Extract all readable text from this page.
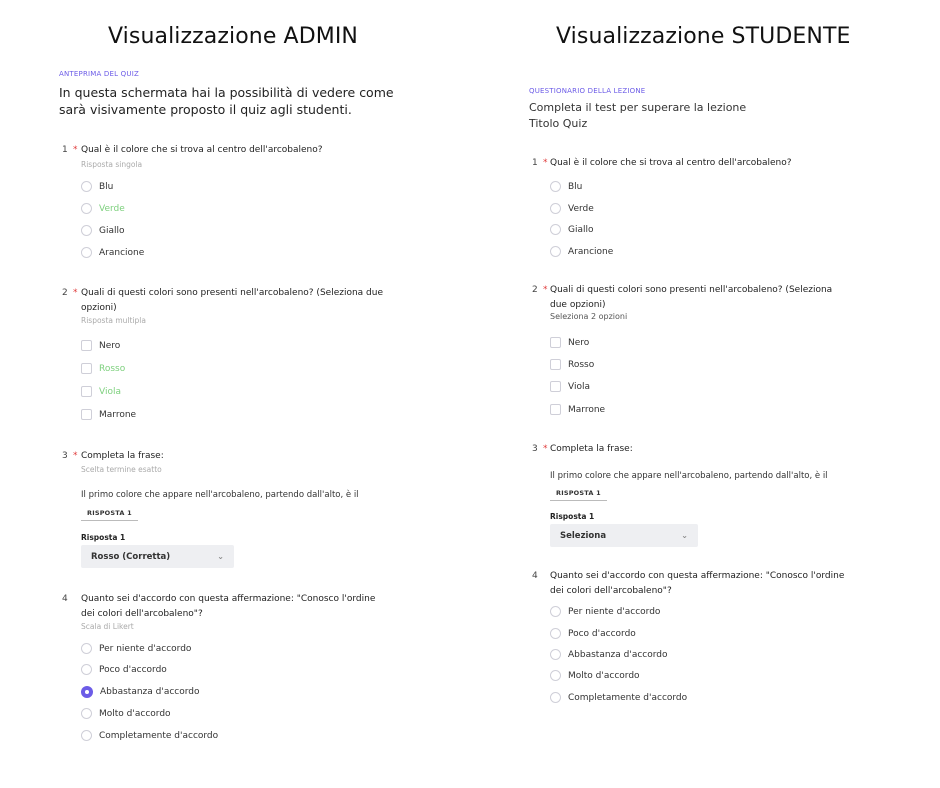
Visualizzazione ADMIN
ANTEPRIMA DEL QUIZ
In questa schermata hai la possibilità di vedere come sarà visivamente proposto il quiz agli studenti.
1 * Qual è il colore che si trova al centro dell'arcobaleno?
Risposta singola
Blu
Verde
Giallo
Arancione
2 * Quali di questi colori sono presenti nell'arcobaleno? (Seleziona due opzioni)
Risposta multipla
Nero
Rosso
Viola
Marrone
3 * Completa la frase:
Scelta termine esatto
Il primo colore che appare nell'arcobaleno, partendo dall'alto, è il
RISPOSTA 1
Risposta 1
Rosso (Corretta)	⌄
4 Quanto sei d'accordo con questa affermazione: "Conosco l'ordine dei colori dell'arcobaleno"?
Scala di Likert
Per niente d'accordo
Poco d'accordo
Abbastanza d'accordo
Molto d'accordo
Completamente d'accordo
Visualizzazione STUDENTE
QUESTIONARIO DELLA LEZIONE
Completa il test per superare la lezione
Titolo Quiz
1 * Qual è il colore che si trova al centro dell'arcobaleno?
Blu
Verde
Giallo
Arancione
2 * Quali di questi colori sono presenti nell'arcobaleno? (Seleziona due opzioni)
Seleziona 2 opzioni
Nero
Rosso
Viola
Marrone
3 * Completa la frase:
Il primo colore che appare nell'arcobaleno, partendo dall'alto, è il
RISPOSTA 1
Risposta 1
Seleziona	⌄
4 Quanto sei d'accordo con questa affermazione: "Conosco l'ordine dei colori dell'arcobaleno"?
Per niente d'accordo
Poco d'accordo
Abbastanza d'accordo
Molto d'accordo
Completamente d'accordo
